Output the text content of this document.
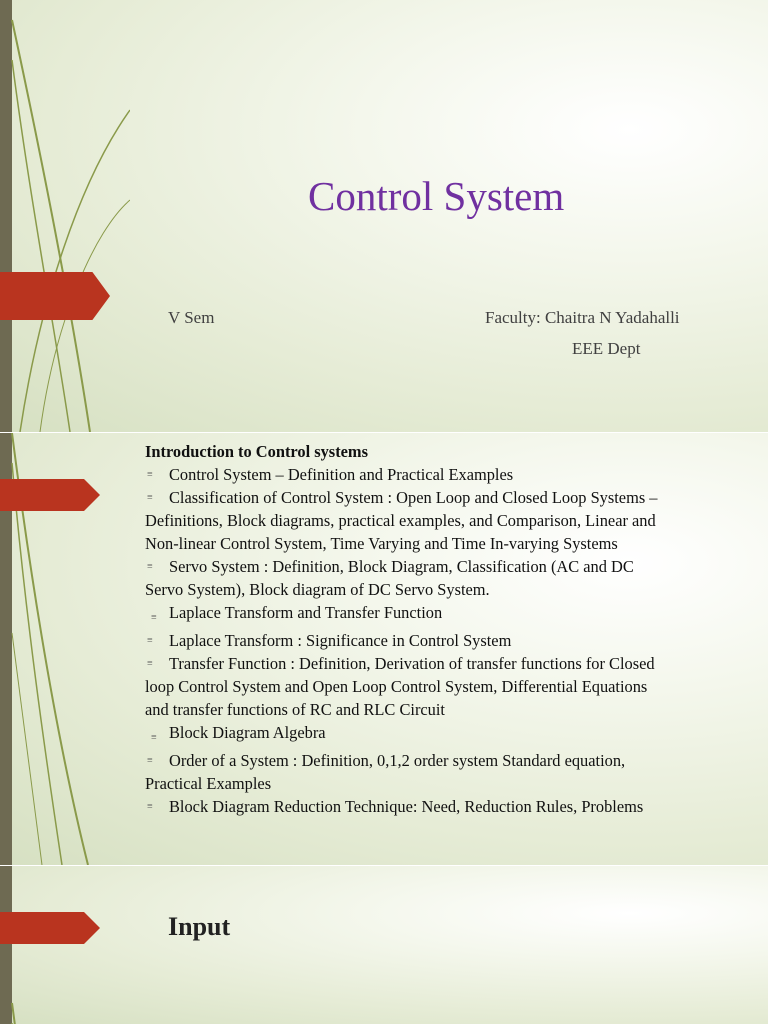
Control System
V Sem	Faculty: Chaitra N Yadahalli
EEE Dept
Introduction to Control systems
≡ Control System – Definition and Practical Examples
≡ Classification of Control System : Open Loop and Closed Loop Systems – Definitions, Block diagrams, practical examples, and Comparison, Linear and Non-linear Control System, Time Varying and Time In-varying Systems
≡ Servo System : Definition, Block Diagram, Classification (AC and DC Servo System), Block diagram of DC Servo System.
≡ Laplace Transform and Transfer Function
≡ Laplace Transform : Significance in Control System
≡ Transfer Function : Definition, Derivation of transfer functions for Closed loop Control System and Open Loop Control System, Differential Equations and transfer functions of RC and RLC Circuit
≡ Block Diagram Algebra
≡ Order of a System : Definition, 0,1,2 order system Standard equation, Practical Examples
≡ Block Diagram Reduction Technique: Need, Reduction Rules, Problems
Input
